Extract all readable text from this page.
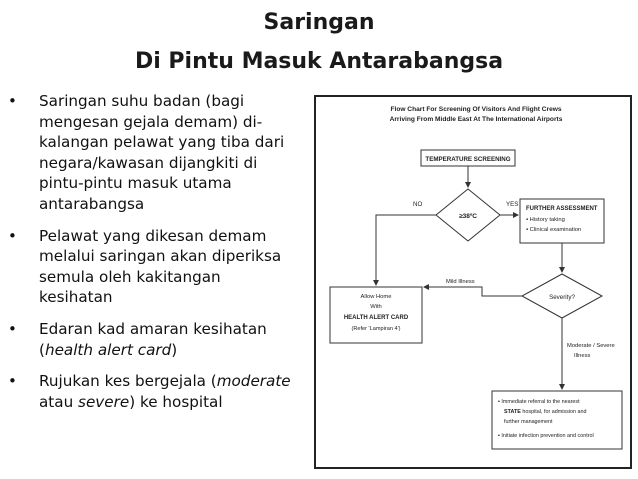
Saringan
Di Pintu Masuk Antarabangsa
• Saringan suhu badan (bagi
mengesan gejala demam) di-
kalangan pelawat yang tiba dari
negara/kawasan dijangkiti di
pintu-pintu masuk utama
antarabangsa
• Pelawat yang dikesan demam
melalui saringan akan diperiksa
semula oleh kakitangan
kesihatan
• Edaran kad amaran kesihatan
(health alert card)
• Rujukan kes bergejala (moderate
atau severe) ke hospital
Flow Chart For Screening Of Visitors And Flight Crews
Arriving From Middle East At The International Airports
TEMPERATURE SCREENING
≥38ºC
NO	YES
FURTHER ASSESSMENT
▪ History taking
▪ Clinical examination
Severity?
Mild Illness
Allow Home
With
HEALTH ALERT CARD
(Refer 'Lampiran 4')
Moderate / Severe
Illness
▪ Immediate referral to the nearest
STATE hospital, for admission and
further management
▪ Initiate infection prevention and control
